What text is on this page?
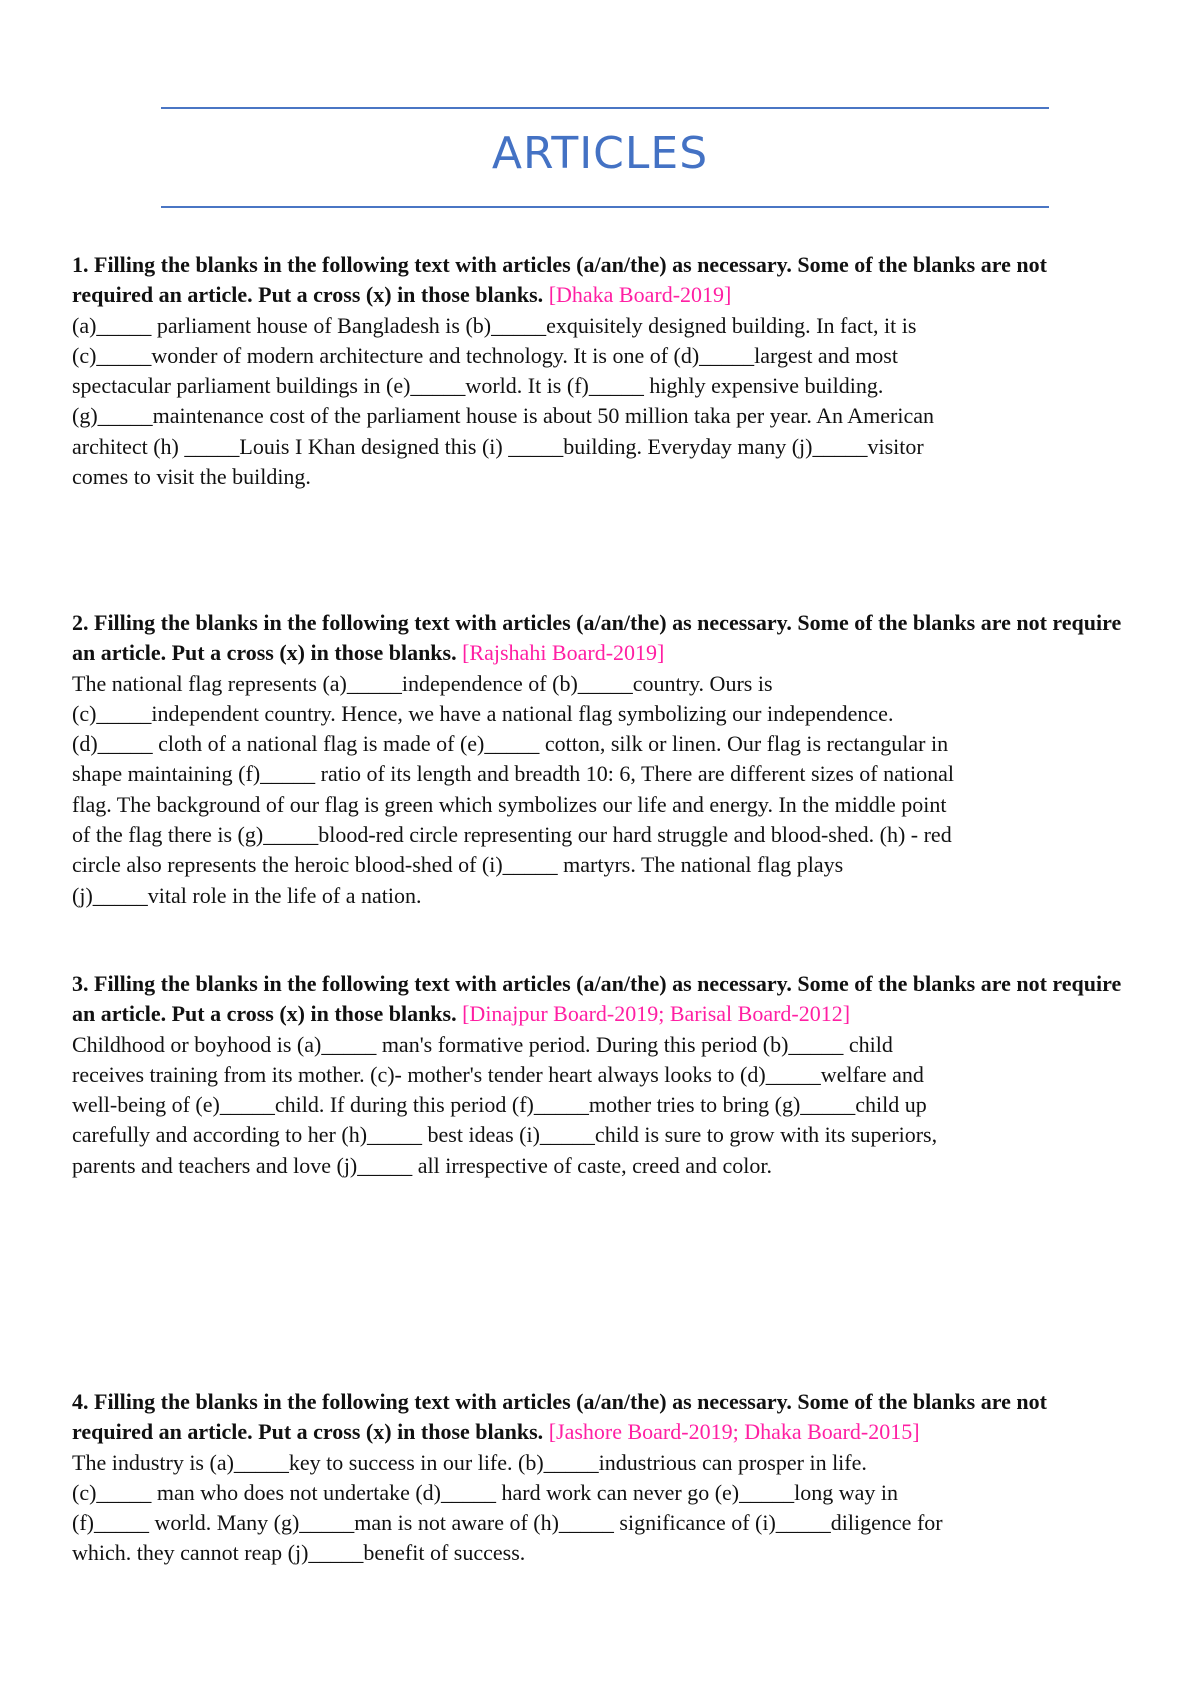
ARTICLES

1. Filling the blanks in the following text with articles (a/an/the) as necessary. Some of the blanks are not required an article. Put a cross (x) in those blanks. [Dhaka Board-2019]

(a)_____ parliament house of Bangladesh is (b)_____exquisitely designed building. In fact, it is

(c)_____wonder of modern architecture and technology. It is one of (d)_____largest and most

spectacular parliament buildings in (e)_____world. It is (f)_____ highly expensive building.

(g)_____maintenance cost of the parliament house is about 50 million taka per year. An American

architect (h) _____Louis I Khan designed this (i) _____building. Everyday many (j)_____visitor

comes to visit the building.

2. Filling the blanks in the following text with articles (a/an/the) as necessary. Some of the blanks are not require an article. Put a cross (x) in those blanks. [Rajshahi Board-2019]

The national flag represents (a)_____independence of (b)_____country. Ours is

(c)_____independent country. Hence, we have a national flag symbolizing our independence.

(d)_____ cloth of a national flag is made of (e)_____ cotton, silk or linen. Our flag is rectangular in

shape maintaining (f)_____ ratio of its length and breadth 10: 6, There are different sizes of national

flag. The background of our flag is green which symbolizes our life and energy. In the middle point

of the flag there is (g)_____blood-red circle representing our hard struggle and blood-shed. (h) - red

circle also represents the heroic blood-shed of (i)_____ martyrs. The national flag plays

(j)_____vital role in the life of a nation.

3. Filling the blanks in the following text with articles (a/an/the) as necessary. Some of the blanks are not require an article. Put a cross (x) in those blanks. [Dinajpur Board-2019; Barisal Board-2012]

Childhood or boyhood is (a)_____ man's formative period. During this period (b)_____ child

receives training from its mother. (c)- mother's tender heart always looks to (d)_____welfare and

well-being of (e)_____child. If during this period (f)_____mother tries to bring (g)_____child up

carefully and according to her (h)_____ best ideas (i)_____child is sure to grow with its superiors,

parents and teachers and love (j)_____ all irrespective of caste, creed and color.

4. Filling the blanks in the following text with articles (a/an/the) as necessary. Some of the blanks are not required an article. Put a cross (x) in those blanks. [Jashore Board-2019; Dhaka Board-2015]

The industry is (a)_____key to success in our life. (b)_____industrious can prosper in life.

(c)_____ man who does not undertake (d)_____ hard work can never go (e)_____long way in

(f)_____ world. Many (g)_____man is not aware of (h)_____ significance of (i)_____diligence for

which. they cannot reap (j)_____benefit of success.
